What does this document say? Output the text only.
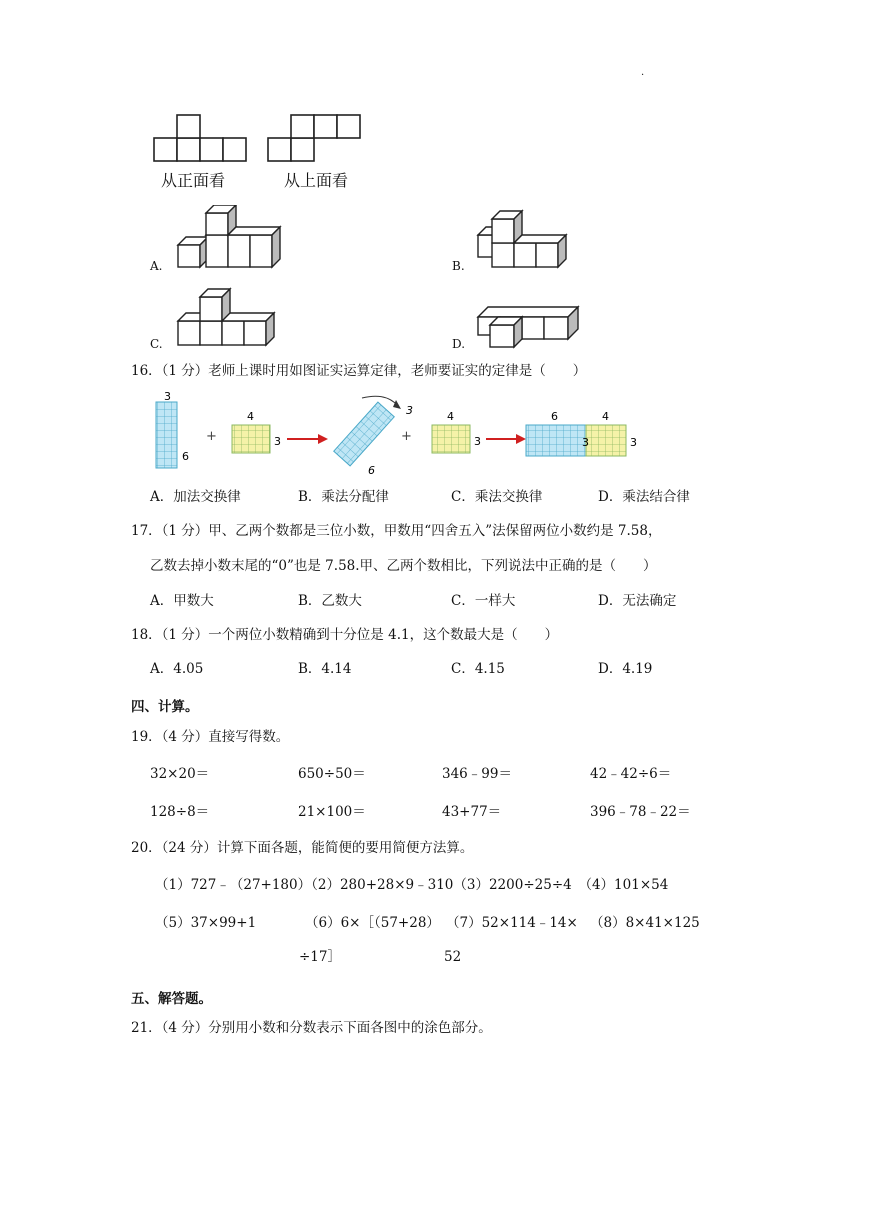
.
从正面看	从上面看
A.	B.
C.	D.
16．（1 分）老师上课时用如图证实运算定律，老师要证实的定律是（　　）
3
6
+
4
3
3
6
+
4
3
6	4
3	3
A．加法交换律	B．乘法分配律	C．乘法交换律	D．乘法结合律
17．（1 分）甲、乙两个数都是三位小数，甲数用“四舍五入”法保留两位小数约是 7.58，
乙数去掉小数末尾的“0”也是 7.58.甲、乙两个数相比，下列说法中正确的是（　　）
A．甲数大	B．乙数大	C．一样大	D．无法确定
18．（1 分）一个两位小数精确到十分位是 4.1，这个数最大是（　　）
A．4.05	B．4.14	C．4.15	D．4.19
四、计算。
19．（4 分）直接写得数。
32×20＝	650÷50＝	346﹣99＝	42﹣42÷6＝
128÷8＝	21×100＝	43+77＝	396﹣78﹣22＝
20．（24 分）计算下面各题，能简便的要用简便方法算。
（1）727﹣（27+180）（2）280+28×9﹣310（3）2200÷25÷4　（4）101×54
（5）37×99+1	（6）6×［（57+28） （7）52×114﹣14× （8）8×41×125
÷17］	52
五、解答题。
21．（4 分）分别用小数和分数表示下面各图中的涂色部分。
